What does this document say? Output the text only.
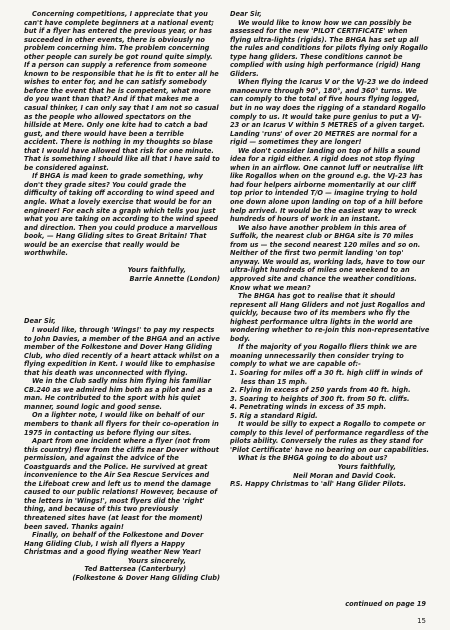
Concerning competitions, I appreciate that you can't have complete beginners at a national event; but if a flyer has entered the previous year, or has succeeded in other events, there is obviously no problem concerning him. The problem concerning other people can surely be got round quite simply. If a person can supply a reference from someone known to be responsible that he is fit to enter all he wishes to enter for, and he can satisfy somebody before the event that he is competent, what more do you want than that? And if that makes me a casual thinker, I can only say that I am not so casual as the people who allowed spectators on the hillside at Mere. Only one kite had to catch a bad gust, and there would have been a terrible accident. There is nothing in my thoughts so blase that I would have allowed that risk for one minute. That is something I should like all that I have said to be considered against.

If BHGA is mad keen to grade something, why don't they grade sites? You could grade the difficulty of taking off according to wind speed and angle. What a lovely exercise that would be for an engineer! For each site a graph which tells you just what you are taking on according to the wind speed and direction. Then you could produce a marvellous book, — Hang Gliding sites to Great Britain! That would be an exercise that really would be worthwhile.

Yours faithfully,

Barrie Annette (London)

Dear Sir,

I would like, through 'Wings!' to pay my respects to John Davies, a member of the BHGA and an active member of the Folkestone and Dover Hang Gliding Club, who died recently of a heart attack whilst on a flying expedition in Kent. I would like to emphasise that his death was unconnected with flying.

We in the Club sadly miss him flying his familiar CB.240 as we admired him both as a pilot and as a man. He contributed to the sport with his quiet manner, sound logic and good sense.

On a lighter note, I would like on behalf of our members to thank all flyers for their co-operation in 1975 in contacting us before flying our sites.

Apart from one incident where a flyer (not from this country) flew from the cliffs near Dover without permission, and against the advice of the Coastguards and the Police. He survived at great inconvenience to the Air Sea Rescue Services and the Lifeboat crew and left us to mend the damage caused to our public relations! However, because of the letters in 'Wings!', most flyers did the 'right' thing, and because of this two previously threatened sites have (at least for the moment) been saved. Thanks again!

Finally, on behalf of the Folkestone and Dover Hang Gliding Club, I wish all flyers a Happy Christmas and a good flying weather New Year!

Yours sincerely,

Ted Battersea (Canterbury)

(Folkestone & Dover Hang Gliding Club)

Dear Sir,

We would like to know how we can possibly be assessed for the new 'PILOT CERTIFICATE' when flying ultra-lights (rigids). The BHGA has set up all the rules and conditions for pilots flying only Rogallo type hang gliders. These conditions cannot be complied with using high performance (rigid) Hang Gliders.

When flying the Icarus V or the VJ-23 we do indeed manoeuvre through 90°, 180°, and 360° turns. We can comply to the total of five hours flying logged, but in no way does the rigging of a standard Rogallo comply to us. It would take pure genius to put a VJ-23 or an Icarus V within 5 METRES of a given target. Landing 'runs' of over 20 METRES are normal for a rigid — sometimes they are longer!

We don't consider landing on top of hills a sound idea for a rigid either. A rigid does not stop flying when in an airflow. One cannot luff or neutralise lift like Rogallos when on the ground e.g. the VJ-23 has had four helpers airborne momentarily at our cliff top prior to intended T/O — imagine trying to hold one down alone upon landing on top of a hill before help arrived. It would be the easiest way to wreck hundreds of hours of work in an instant.

We also have another problem in this area of Suffolk, the nearest club or BHGA site is 70 miles from us — the second nearest 120 miles and so on. Neither of the first two permit landing 'on top' anyway. We would as, working lads, have to tow our ultra-light hundreds of miles one weekend to an approved site and chance the weather conditions. Know what we mean?

The BHGA has got to realise that it should represent all Hang Gliders and not just Rogallos and quickly, because two of its members who fly the highest performance ultra lights in the world are wondering whether to re-join this non-representative body.

If the majority of you Rogallo fliers think we are moaning unnecessarily then consider trying to comply to what we are capable of:-

1. Soaring for miles off a 30 ft. high cliff in winds of less than 15 mph.
2. Flying in excess of 250 yards from 40 ft. high.
3. Soaring to heights of 300 ft. from 50 ft. cliffs.
4. Penetrating winds in excess of 35 mph.
5. Rig a standard Rigid.

It would be silly to expect a Rogallo to compete or comply to this level of performance regardless of the pilots ability. Conversely the rules as they stand for 'Pilot Certificate' have no bearing on our capabilities.

What is the BHGA going to do about us?

Yours faithfully,

Neil Moran and David Cook.

P.S. Happy Christmas to 'all' Hang Glider Pilots.

continued on page 19
15
